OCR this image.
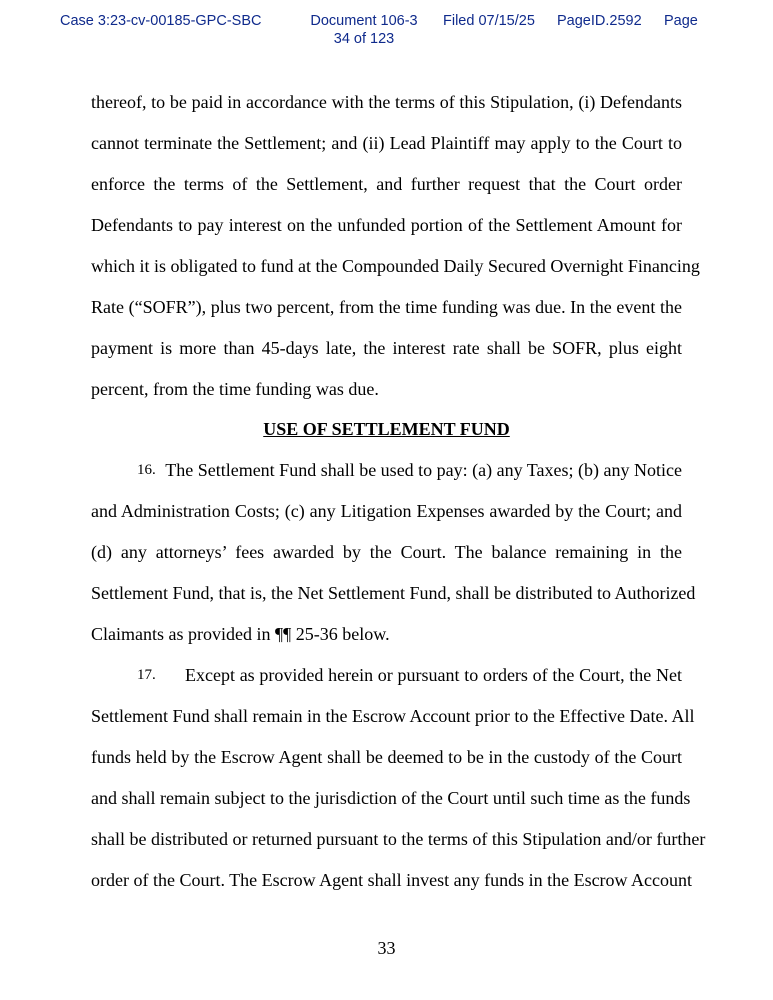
Case 3:23-cv-00185-GPC-SBC	Document 106-3
34 of 123
Filed 07/15/25 PageID.2592 Page
thereof, to be paid in accordance with the terms of this Stipulation, (i) Defendants
cannot terminate the Settlement; and (ii) Lead Plaintiff may apply to the Court to
enforce the terms of the Settlement, and further request that the Court order
Defendants to pay interest on the unfunded portion of the Settlement Amount for
which it is obligated to fund at the Compounded Daily Secured Overnight Financing
Rate (“SOFR”), plus two percent, from the time funding was due. In the event the
payment is more than 45-days late, the interest rate shall be SOFR, plus eight
percent, from the time funding was due.
USE OF SETTLEMENT FUND
16. The Settlement Fund shall be used to pay: (a) any Taxes; (b) any Notice
and Administration Costs; (c) any Litigation Expenses awarded by the Court; and
(d) any attorneys’ fees awarded by the Court. The balance remaining in the
Settlement Fund, that is, the Net Settlement Fund, shall be distributed to Authorized
Claimants as provided in ¶¶ 25-36 below.
17.	Except as provided herein or pursuant to orders of the Court, the Net
Settlement Fund shall remain in the Escrow Account prior to the Effective Date. All
funds held by the Escrow Agent shall be deemed to be in the custody of the Court
and shall remain subject to the jurisdiction of the Court until such time as the funds
shall be distributed or returned pursuant to the terms of this Stipulation and/or further
order of the Court. The Escrow Agent shall invest any funds in the Escrow Account
33
